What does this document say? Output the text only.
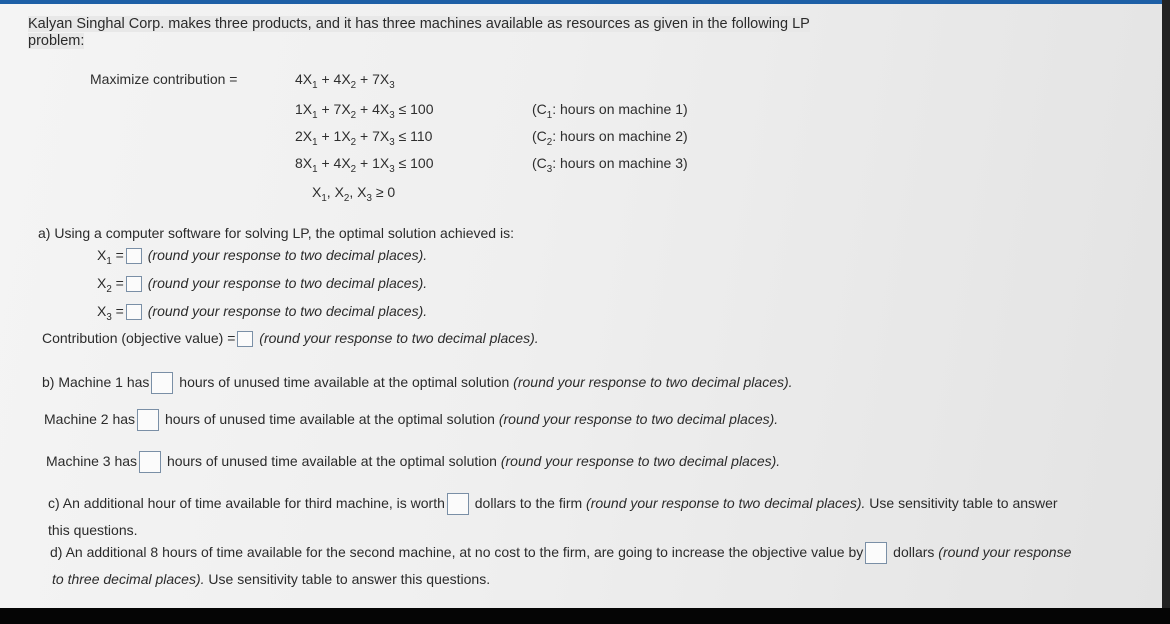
Kalyan Singhal Corp. makes three products, and it has three machines available as resources as given in the following LP
problem:
Maximize contribution =	$4X_1 + 4X_2 + 7X_3$
$1X_1 + 7X_2 + 4X_3 \le 100$
$2X_1 + 1X_2 + 7X_3 \le 110$
$8X_1 + 4X_2 + 1X_3 \le 100$
$X_1$, $X_2$, $X_3 \ge 0$
($C_1$: hours on machine 1)
($C_2$: hours on machine 2)
($C_3$: hours on machine 3)
a) Using a computer software for solving LP, the optimal solution achieved is:
$X_1$ = (round your response to two decimal places).
$X_2$ = (round your response to two decimal places).
$X_3$ = (round your response to two decimal places).
Contribution (objective value) = (round your response to two decimal places).
b) Machine 1 has hours of unused time available at the optimal solution (round your response to two decimal places).
Machine 2 has hours of unused time available at the optimal solution (round your response to two decimal places).
Machine 3 has hours of unused time available at the optimal solution (round your response to two decimal places).
c) An additional hour of time available for third machine, is worth dollars to the firm (round your response to two decimal places). Use sensitivity table to answer
this questions.
d) An additional 8 hours of time available for the second machine, at no cost to the firm, are going to increase the objective value by dollars (round your response
to three decimal places). Use sensitivity table to answer this questions.
